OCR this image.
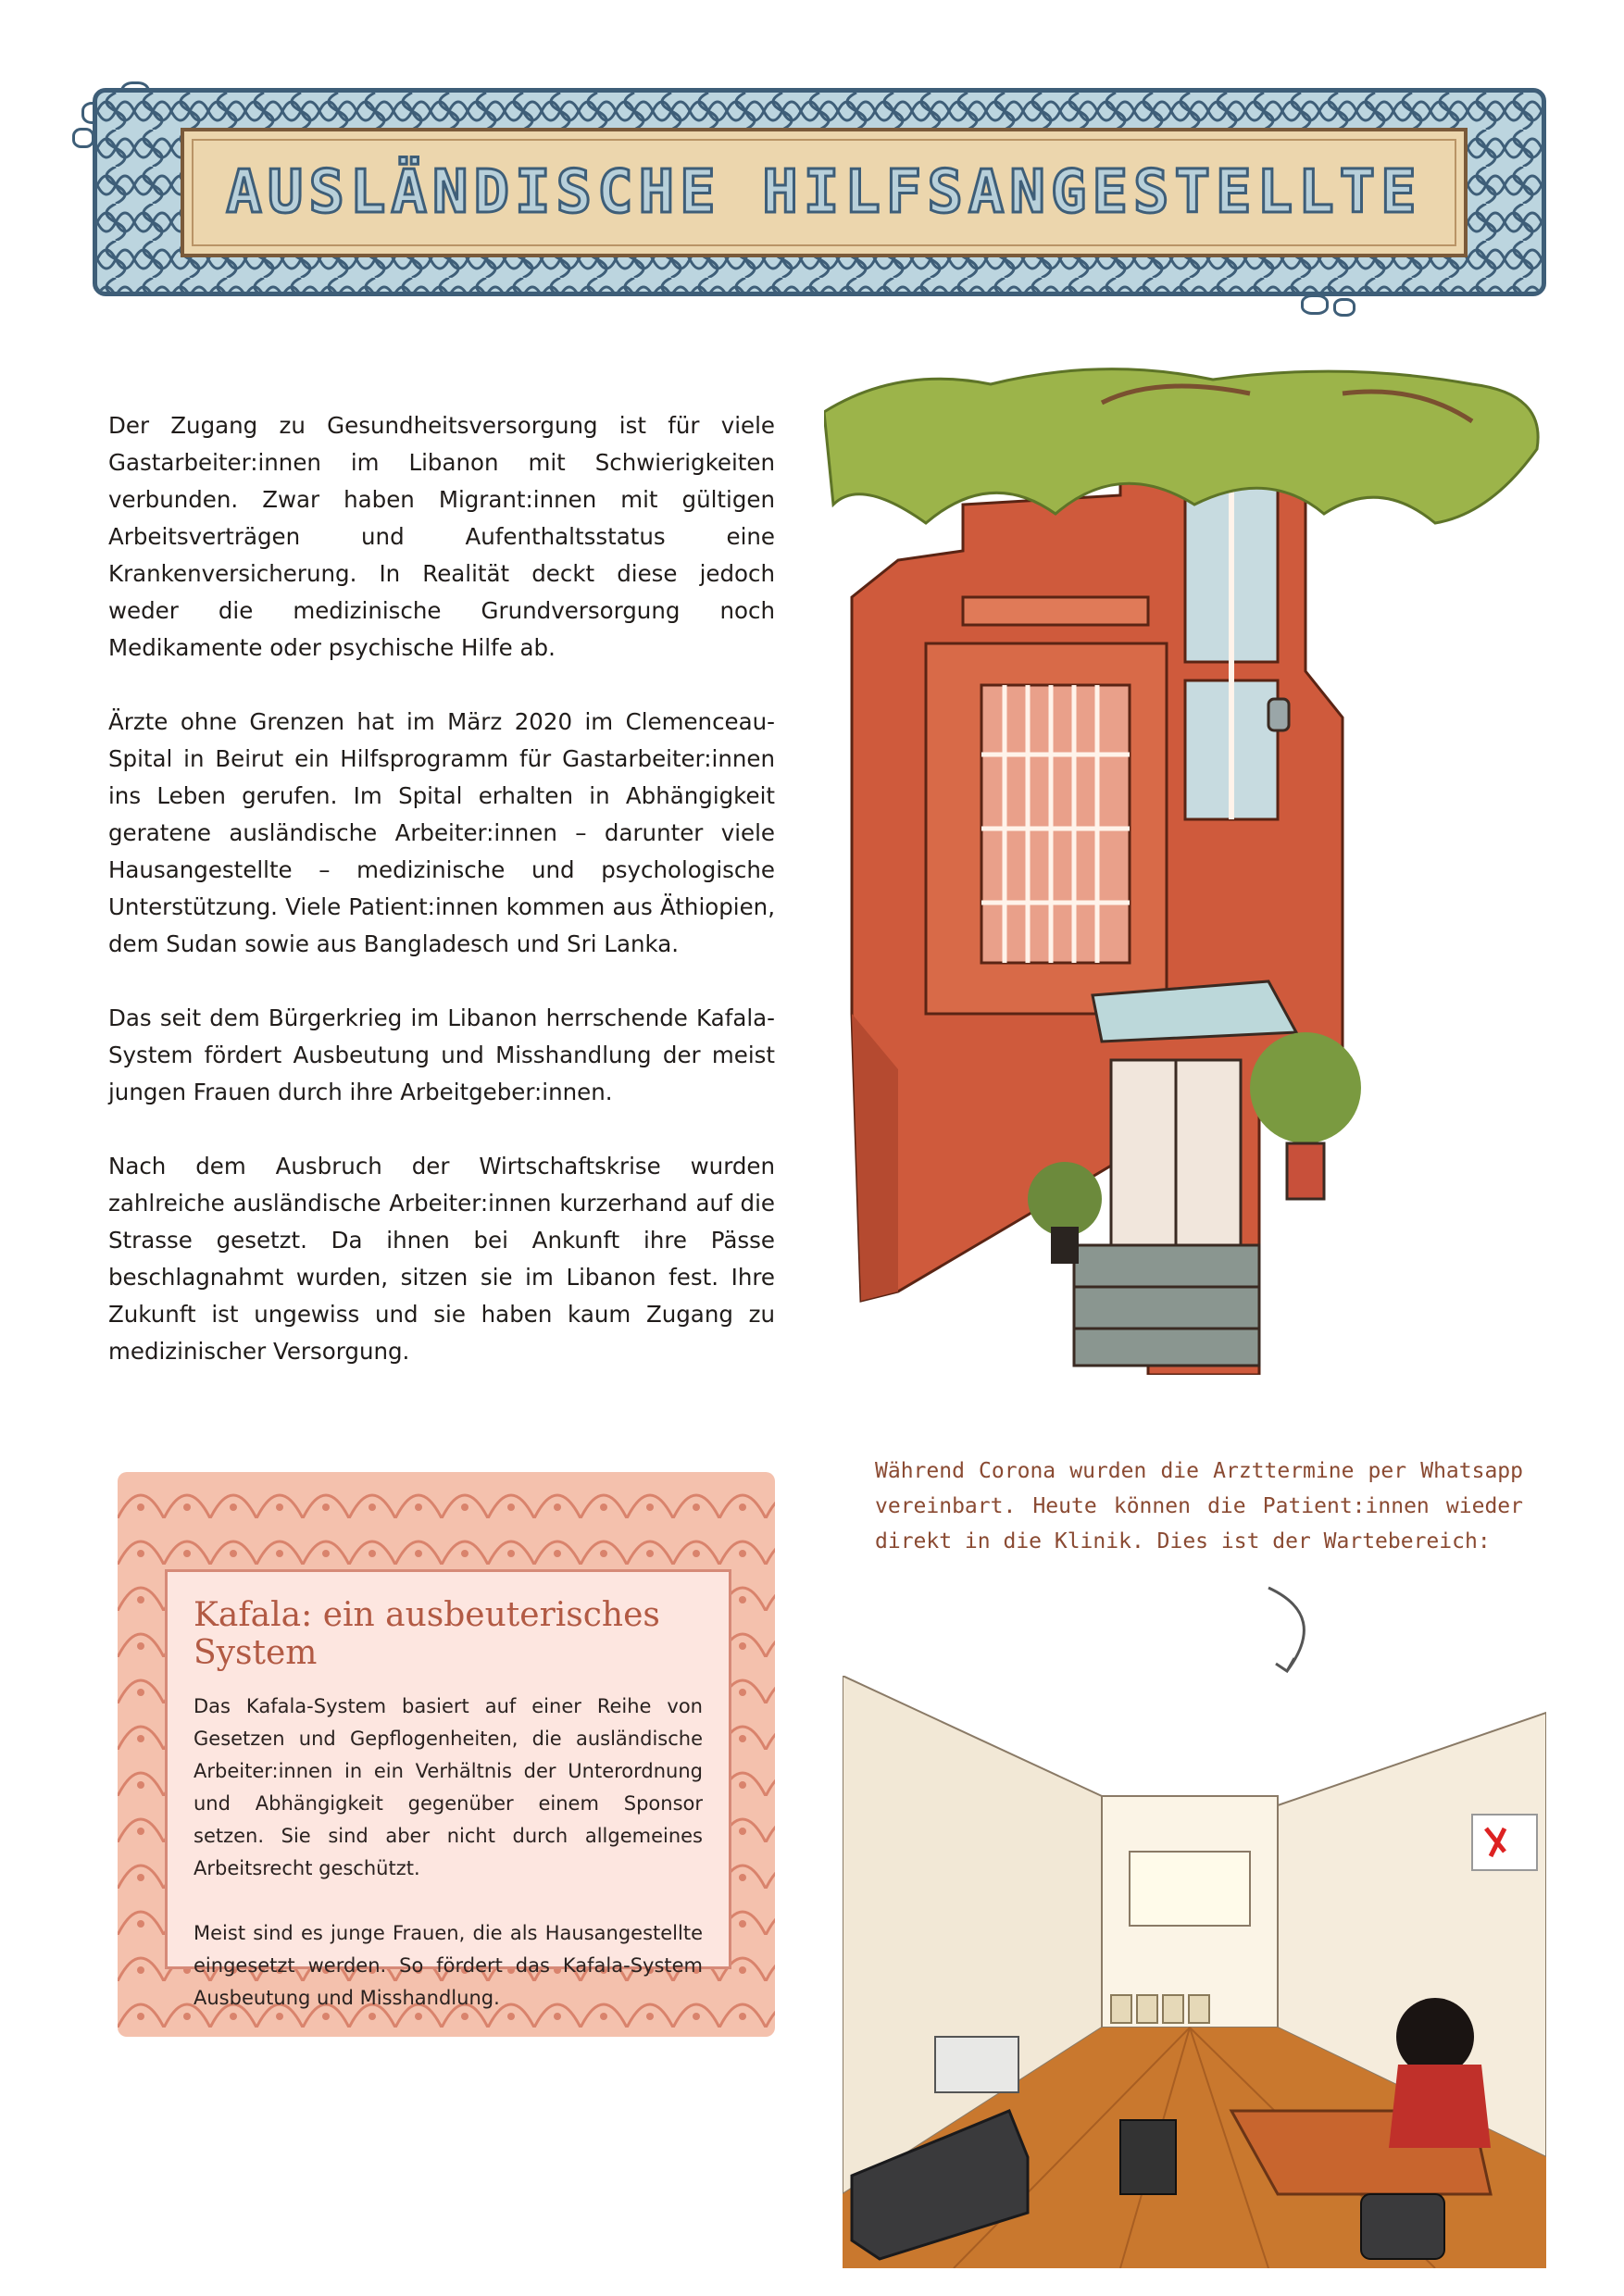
AUSLÄNDISCHE HILFSANGESTELLTE

Der Zugang zu Gesundheitsversorgung ist für viele Gastarbeiter:innen im Libanon mit Schwierigkeiten verbunden. Zwar haben Migrant:innen mit gültigen Arbeitsverträgen und Aufenthaltsstatus eine Krankenversicherung. In Realität deckt diese jedoch weder die medizinische Grundversorgung noch Medikamente oder psychische Hilfe ab.

Ärzte ohne Grenzen hat im März 2020 im Clemenceau-Spital in Beirut ein Hilfsprogramm für Gastarbeiter:innen ins Leben gerufen. Im Spital erhalten in Abhängigkeit geratene ausländische Arbeiter:innen – darunter viele Hausangestellte – medizinische und psychologische Unterstützung. Viele Patient:innen kommen aus Äthiopien, dem Sudan sowie aus Bangladesch und Sri Lanka.

Das seit dem Bürgerkrieg im Libanon herrschende Kafala-System fördert Ausbeutung und Misshandlung der meist jungen Frauen durch ihre Arbeitgeber:innen.

Nach dem Ausbruch der Wirtschaftskrise wurden zahlreiche ausländische Arbeiter:innen kurzerhand auf die Strasse gesetzt. Da ihnen bei Ankunft ihre Pässe beschlagnahmt wurden, sitzen sie im Libanon fest. Ihre Zukunft ist ungewiss und sie haben kaum Zugang zu medizinischer Versorgung.

Kafala: ein ausbeuterisches System

Das Kafala-System basiert auf einer Reihe von Gesetzen und Gepflogenheiten, die ausländische Arbeiter:innen in ein Verhältnis der Unterordnung und Abhängigkeit gegenüber einem Sponsor setzen. Sie sind aber nicht durch allgemeines Arbeitsrecht geschützt.

Meist sind es junge Frauen, die als Hausangestellte eingesetzt werden. So fördert das Kafala-System Ausbeutung und Misshandlung.

Während Corona wurden die Arzttermine per Whatsapp vereinbart. Heute können die Patient:innen wieder direkt in die Klinik. Dies ist der Wartebereich:
